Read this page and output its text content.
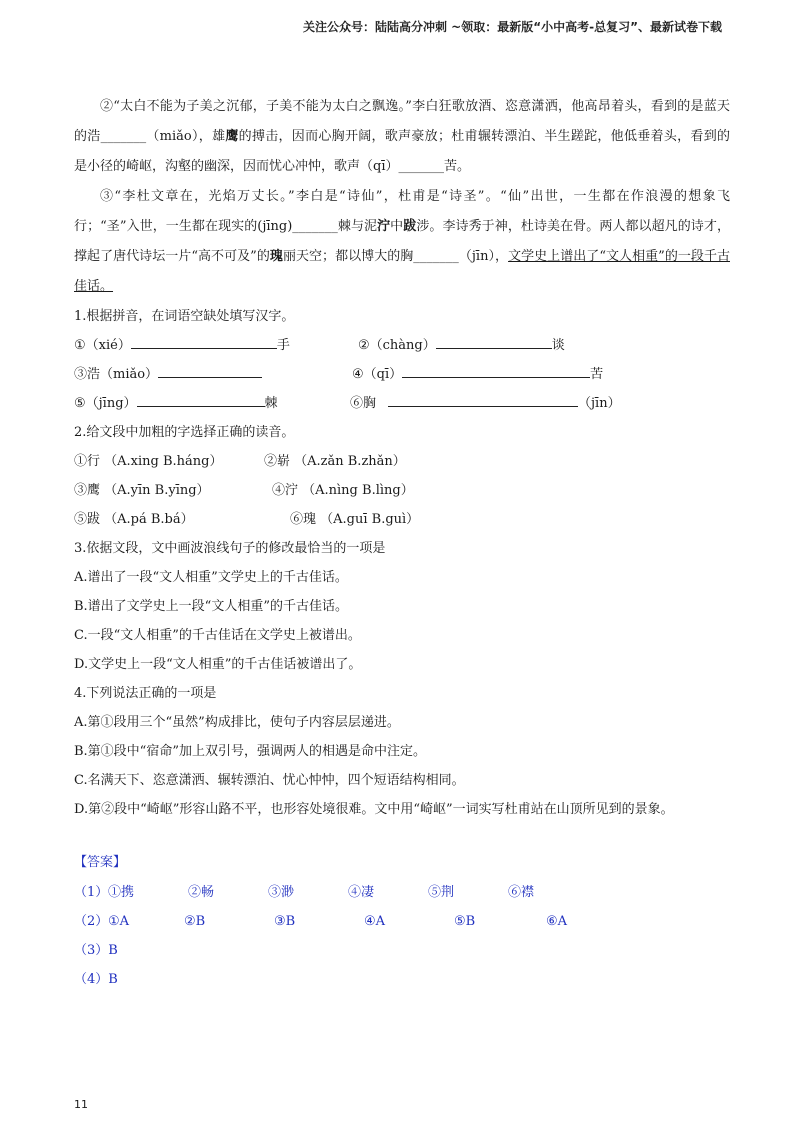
关注公众号：陆陆高分冲刺 ~领取：最新版“小中高考-总复习”、最新试卷下载

②“太白不能为子美之沉郁，子美不能为太白之飘逸。”李白狂歌放酒、恣意潇洒，他高昂着头，看到的是蓝天的浩_______（miǎo），雄鹰的搏击，因而心胸开阔，歌声豪放；杜甫辗转漂泊、半生蹉跎，他低垂着头，看到的是小径的崎岖，沟壑的幽深，因而忧心冲忡，歌声（qī）_______苦。

③“李杜文章在，光焰万丈长。”李白是“诗仙”，杜甫是“诗圣”。“仙”出世，一生都在作浪漫的想象飞行；“圣”入世，一生都在现实的(jīng)_______棘与泥泞中跋涉。李诗秀于神，杜诗美在骨。两人都以超凡的诗才，撑起了唐代诗坛一片“高不可及”的瑰丽天空；都以博大的胸_______（jīn），文学史上谱出了“文人相重”的一段千古佳话。

1.根据拼音，在词语空缺处填写汉字。
①（xié）	手	②（chàng）	谈
③浩（miǎo）	④（qī）	苦
⑤（jīng）	棘	⑥胸	（jīn）
2.给文段中加粗的字选择正确的读音。
①行 （A.xing B.háng）	②崭 （A.zǎn B.zhǎn）
③鹰 （A.yīn B.yīng）	④泞 （A.nìng B.lìng）
⑤跋 （A.pá B.bá）	⑥瑰 （A.guī B.guì）
3.依据文段，文中画波浪线句子的修改最恰当的一项是
A.谱出了一段“文人相重”文学史上的千古佳话。
B.谱出了文学史上一段“文人相重”的千古佳话。
C.一段“文人相重”的千古佳话在文学史上被谱出。
D.文学史上一段“文人相重”的千古佳话被谱出了。
4.下列说法正确的一项是
A.第①段用三个“虽然”构成排比，使句子内容层层递进。
B.第①段中“宿命”加上双引号，强调两人的相遇是命中注定。
C.名满天下、恣意潇洒、辗转漂泊、忧心忡忡，四个短语结构相同。
D.第②段中“崎岖”形容山路不平，也形容处境很难。文中用“崎岖”一词实写杜甫站在山顶所见到的景象。
【答案】
（1） ①携	②畅	③渺	④凄	⑤荆	⑥襟
（2） ①A	②B	③B	④A	⑤B	⑥A
（3）B
（4）B
11
